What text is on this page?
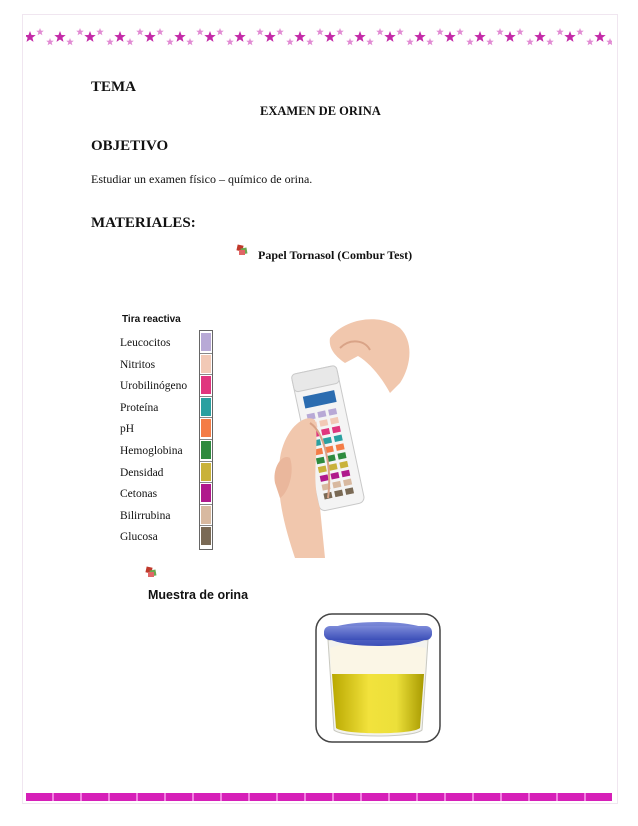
TEMA
EXAMEN DE ORINA
OBJETIVO
Estudiar un examen físico – químico de orina.
MATERIALES:
Papel Tornasol (Combur Test)
Tira reactiva
Leucocitos
Nitritos
Urobilinógeno
Proteína
pH
Hemoglobina
Densidad
Cetonas
Bilirrubina
Glucosa
Muestra de orina
